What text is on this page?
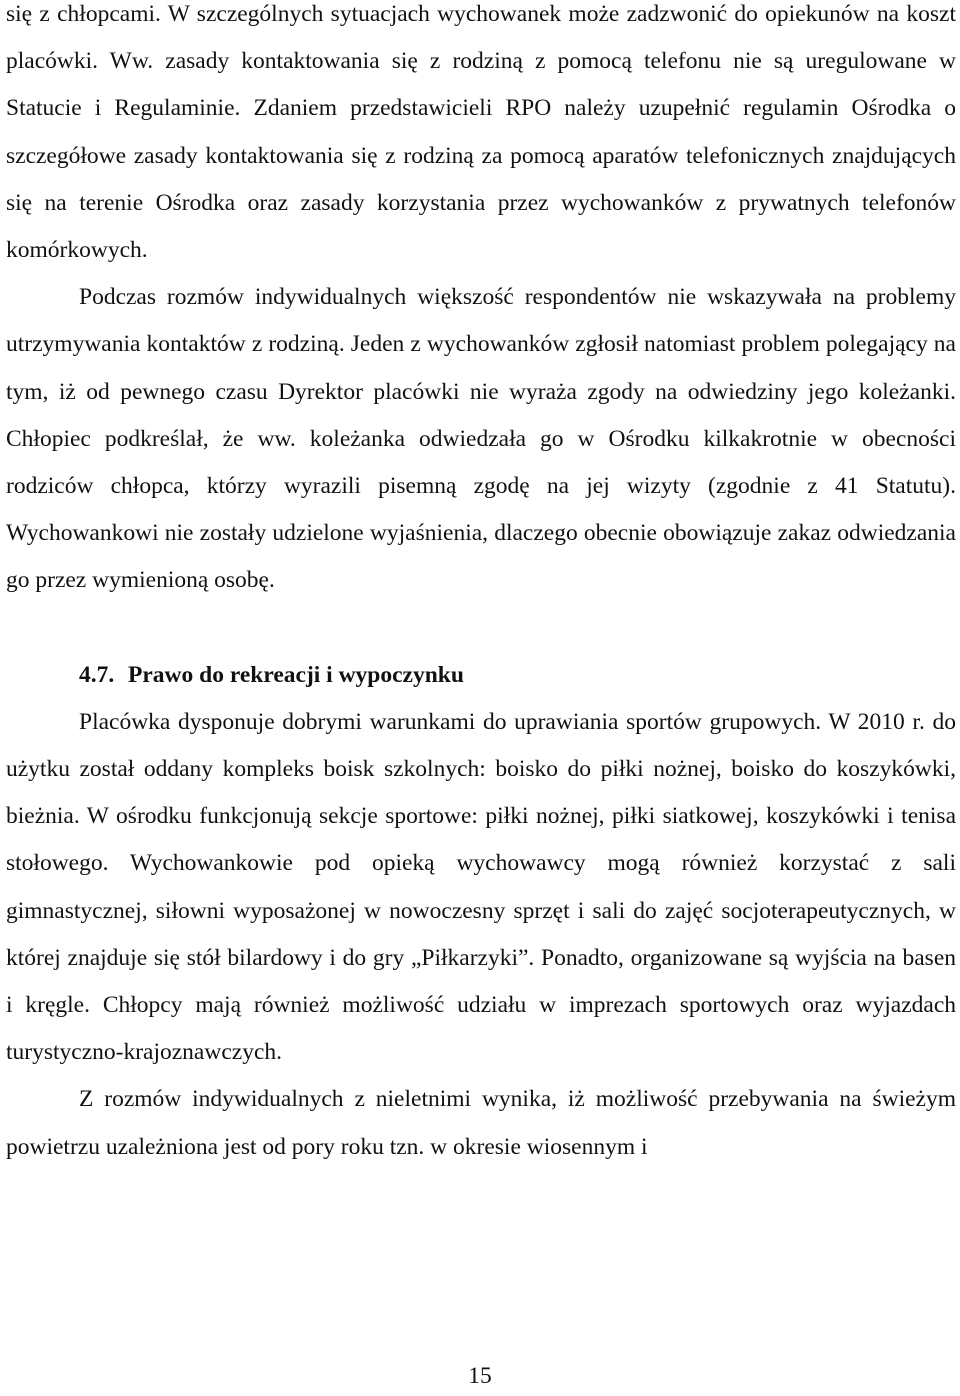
się z chłopcami. W szczególnych sytuacjach wychowanek może zadzwonić do opiekunów na koszt placówki. Ww. zasady kontaktowania się z rodziną z pomocą telefonu nie są uregulowane w Statucie i Regulaminie. Zdaniem przedstawicieli RPO należy uzupełnić regulamin Ośrodka o szczegółowe zasady kontaktowania się z rodziną za pomocą aparatów telefonicznych znajdujących się na terenie Ośrodka oraz zasady korzystania przez wychowanków z prywatnych telefonów komórkowych.

Podczas rozmów indywidualnych większość respondentów nie wskazywała na problemy utrzymywania kontaktów z rodziną. Jeden z wychowanków zgłosił natomiast problem polegający na tym, iż od pewnego czasu Dyrektor placówki nie wyraża zgody na odwiedziny jego koleżanki. Chłopiec podkreślał, że ww. koleżanka odwiedzała go w Ośrodku kilkakrotnie w obecności rodziców chłopca, którzy wyrazili pisemną zgodę na jej wizyty (zgodnie z 41 Statutu). Wychowankowi nie zostały udzielone wyjaśnienia, dlaczego obecnie obowiązuje zakaz odwiedzania go przez wymienioną osobę.

4.7. Prawo do rekreacji i wypoczynku

Placówka dysponuje dobrymi warunkami do uprawiania sportów grupowych. W 2010 r. do użytku został oddany kompleks boisk szkolnych: boisko do piłki nożnej, boisko do koszykówki, bieżnia. W ośrodku funkcjonują sekcje sportowe: piłki nożnej, piłki siatkowej, koszykówki i tenisa stołowego. Wychowankowie pod opieką wychowawcy mogą również korzystać z sali gimnastycznej, siłowni wyposażonej w nowoczesny sprzęt i sali do zajęć socjoterapeutycznych, w której znajduje się stół bilardowy i do gry „Piłkarzyki”. Ponadto, organizowane są wyjścia na basen i kręgle. Chłopcy mają również możliwość udziału w imprezach sportowych oraz wyjazdach turystyczno-krajoznawczych.

Z rozmów indywidualnych z nieletnimi wynika, iż możliwość przebywania na świeżym powietrzu uzależniona jest od pory roku tzn. w okresie wiosennym i

15
